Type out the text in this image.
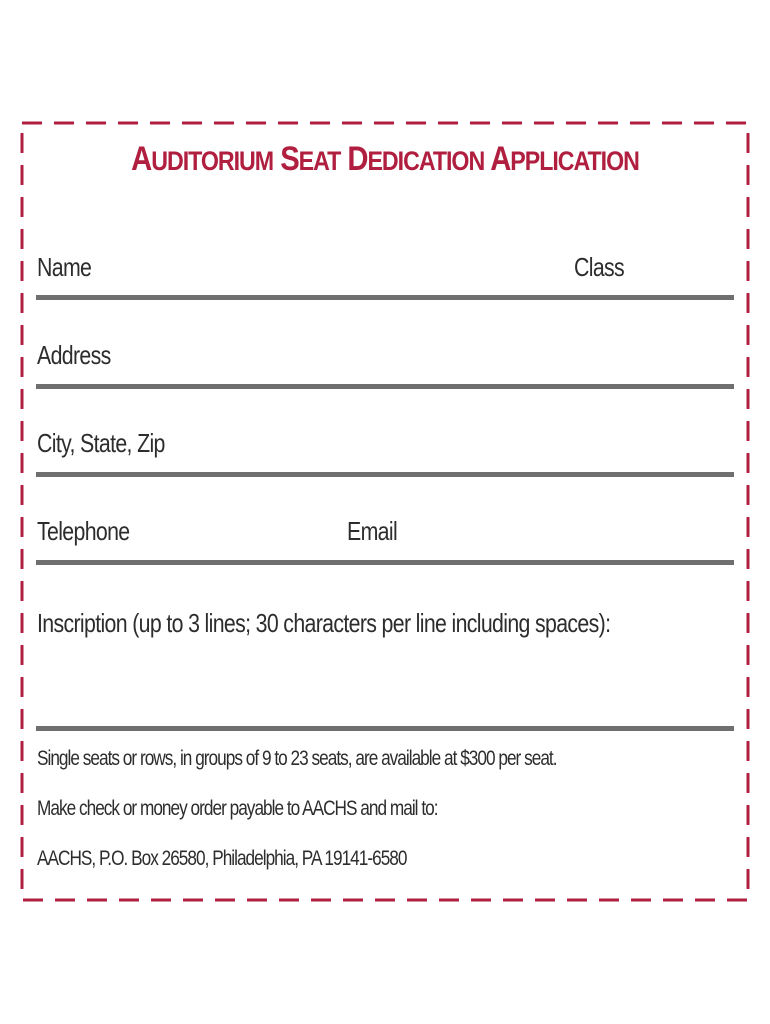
AUDITORIUM SEAT DEDICATION APPLICATION
Name	Class
Address
City, State, Zip
Telephone	Email
Inscription (up to 3 lines; 30 characters per line including spaces):
Single seats or rows, in groups of 9 to 23 seats, are available at $300 per seat.
Make check or money order payable to AACHS and mail to:
AACHS, P.O. Box 26580, Philadelphia, PA 19141-6580
